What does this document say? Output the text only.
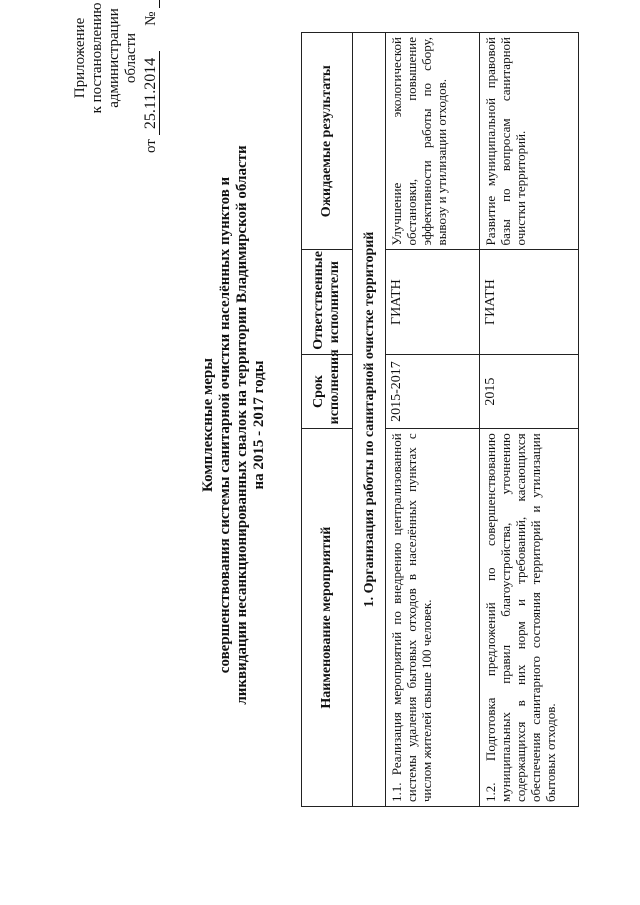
Приложение к постановлению администрации области
от 25.11.2014  №
Комплексные меры совершенствования системы санитарной очистки населённых пунктов и ликвидации несанкционированных свалок на территории Владимирской области на 2015 - 2017 годы
Наименование мероприятий	Срок исполнения	Ответственные исполнители	Ожидаемые результаты
1. Организация работы по санитарной очистке территорий			
1.1. Реализация мероприятий по внедрению централизованной системы удаления бытовых отходов в населённых пунктах с числом жителей свыше 100 человек.	2015-2017	ГИАТН	Улучшение экологической обстановки, повышение эффективности работы по сбору, вывозу и утилизации отходов.
1.2. Подготовка предложений по совершенствованию муниципальных правил благоустройства, уточнению содержащихся в них норм и требований, касающихся обеспечения санитарного состояния территорий и утилизации бытовых отходов.	2015	ГИАТН	Развитие муниципальной правовой базы по вопросам санитарной очистки территорий.
